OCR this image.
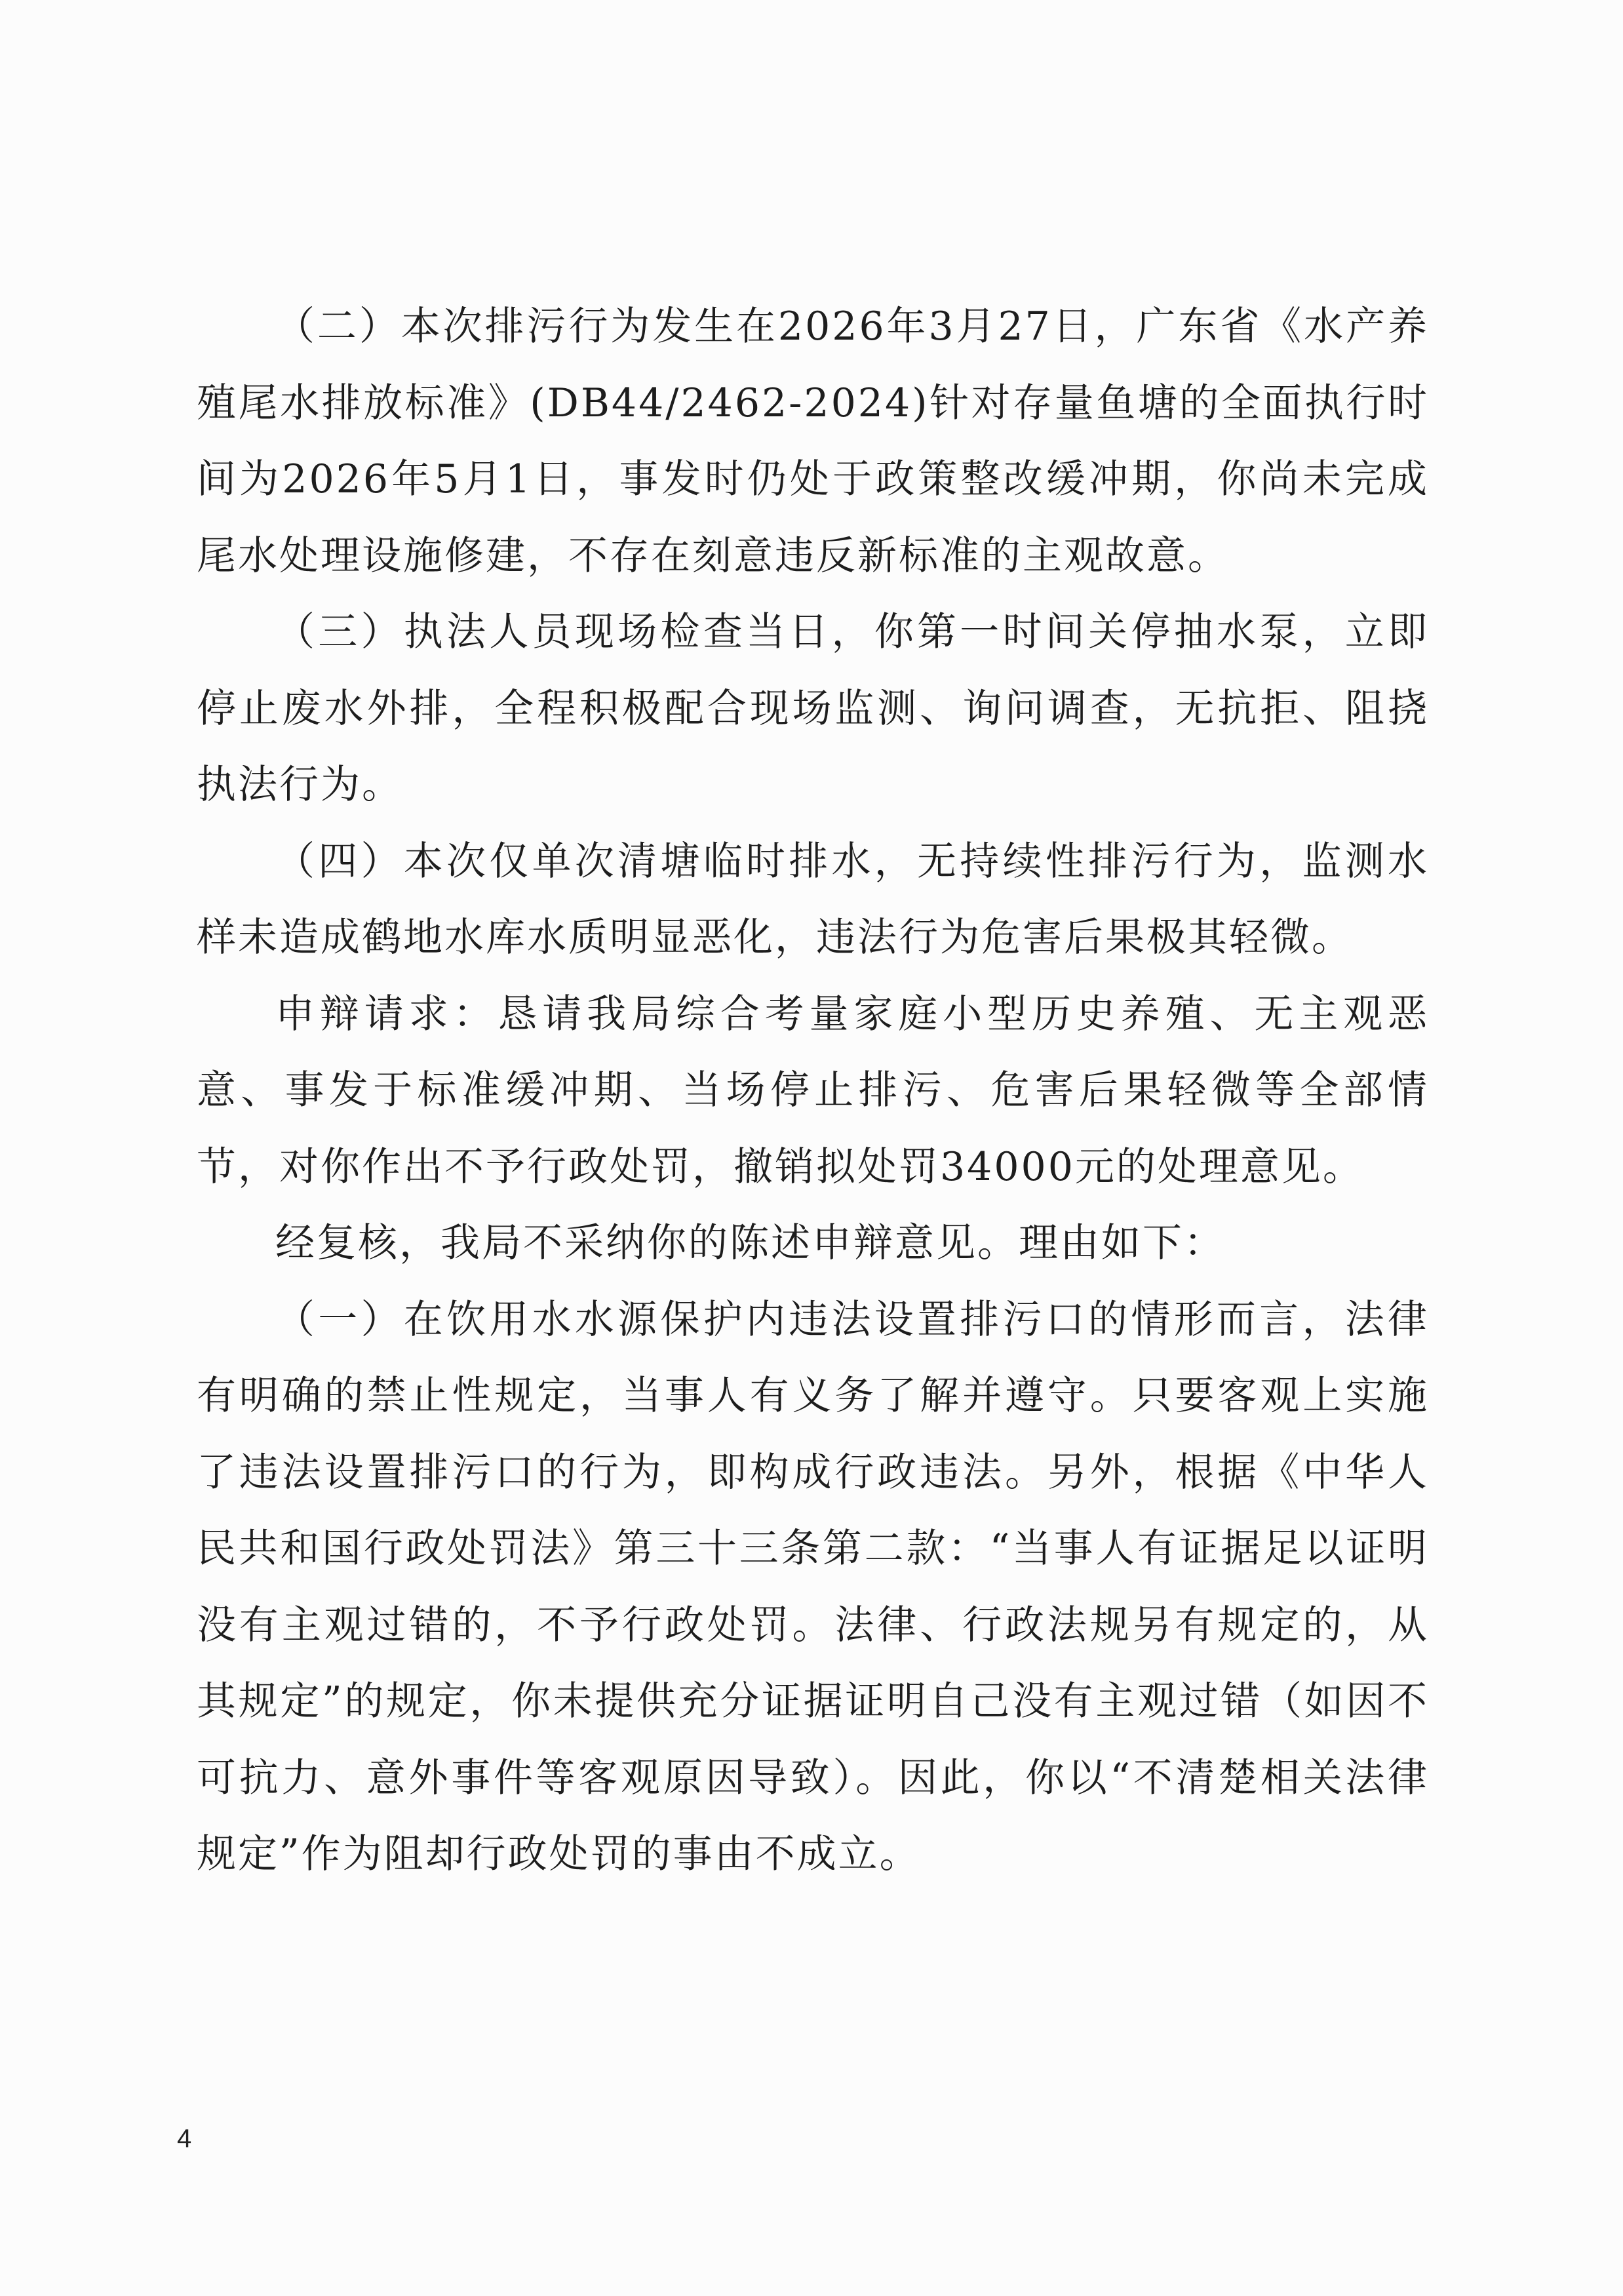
（二）本次排污行为发生在2026年3月27日，广东省《水产养殖尾水排放标准》(DB44/2462-2024)针对存量鱼塘的全面执行时间为2026年5月1日，事发时仍处于政策整改缓冲期，你尚未完成尾水处理设施修建，不存在刻意违反新标准的主观故意。

（三）执法人员现场检查当日，你第一时间关停抽水泵，立即停止废水外排，全程积极配合现场监测、询问调查，无抗拒、阻挠执法行为。

（四）本次仅单次清塘临时排水，无持续性排污行为，监测水样未造成鹤地水库水质明显恶化，违法行为危害后果极其轻微。

申辩请求：恳请我局综合考量家庭小型历史养殖、无主观恶意、事发于标准缓冲期、当场停止排污、危害后果轻微等全部情节，对你作出不予行政处罚，撤销拟处罚34000元的处理意见。

经复核，我局不采纳你的陈述申辩意见。理由如下：

（一）在饮用水水源保护内违法设置排污口的情形而言，法律有明确的禁止性规定，当事人有义务了解并遵守。只要客观上实施了违法设置排污口的行为，即构成行政违法。另外，根据《中华人民共和国行政处罚法》第三十三条第二款：“当事人有证据足以证明没有主观过错的，不予行政处罚。法律、行政法规另有规定的，从其规定”的规定，你未提供充分证据证明自己没有主观过错（如因不可抗力、意外事件等客观原因导致）。因此，你以“不清楚相关法律规定”作为阻却行政处罚的事由不成立。

4
